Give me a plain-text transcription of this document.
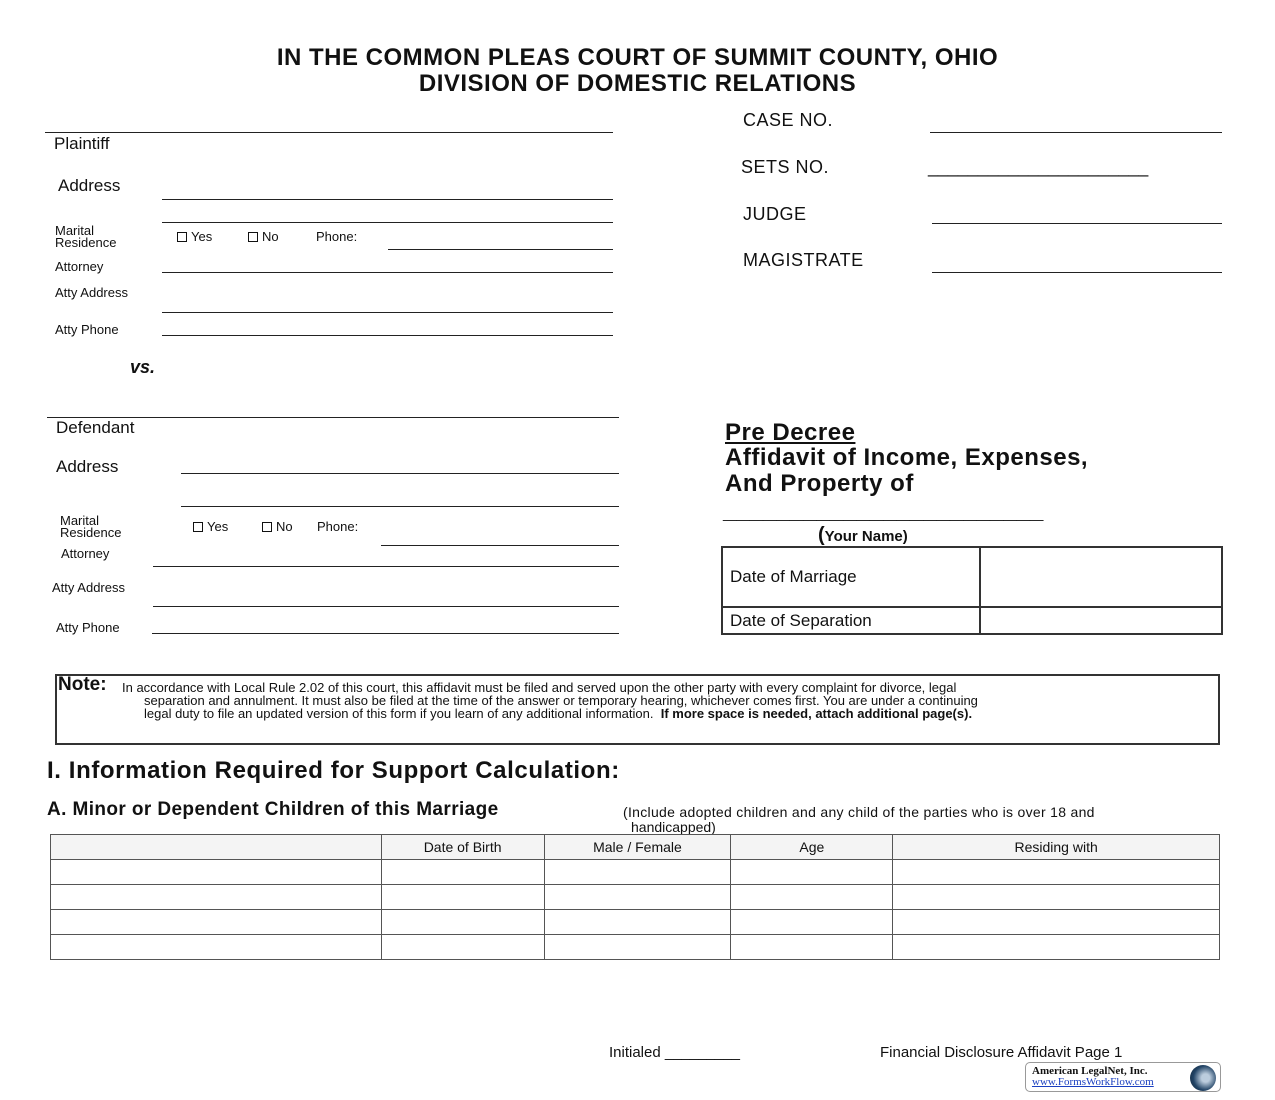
IN THE COMMON PLEAS COURT OF SUMMIT COUNTY, OHIO
DIVISION OF DOMESTIC RELATIONS
Plaintiff
Address
Marital
Residence	Yes	No	Phone:
Attorney
Atty Address
Atty Phone
vs.
Defendant
Address
Marital
Residence	Yes	No Phone:
Attorney
Atty Address
Atty Phone
CASE NO.
SETS NO.	______________________
JUDGE
MAGISTRATE
Pre Decree
Affidavit of Income, Expenses,
And Property of
________________________
(Your Name)
Date of Marriage	
Date of Separation	
Note: In accordance with Local Rule 2.02 of this court, this affidavit must be filed and served upon the other party with every complaint for divorce, legal
separation and annulment. It must also be filed at the time of the answer or temporary hearing, whichever comes first. You are under a continuing
legal duty to file an updated version of this form if you learn of any additional information. If more space is needed, attach additional page(s).
I. Information Required for Support Calculation:
A. Minor or Dependent Children of this Marriage	(Include adopted children and any child of the parties who is over 18 and
handicapped)
	Date of Birth	Male / Female	Age	Residing with

Initialed _________	Financial Disclosure Affidavit Page 1
American LegalNet, Inc.
www.FormsWorkFlow.com
